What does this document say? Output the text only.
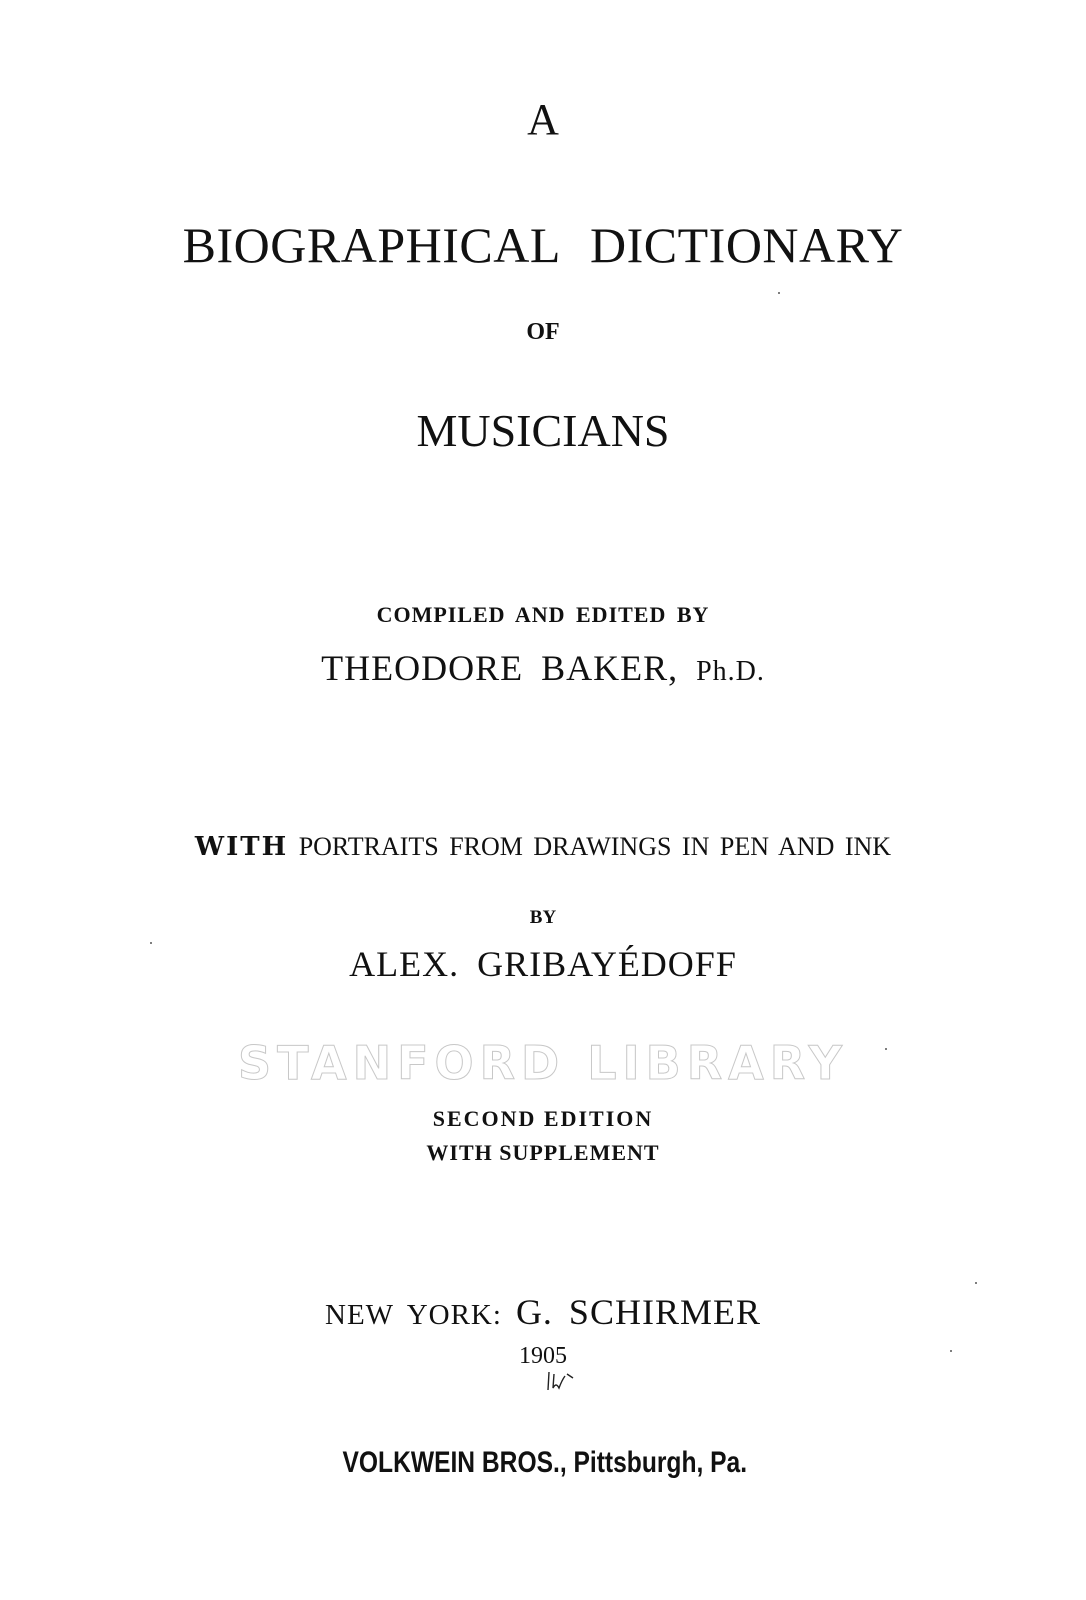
A
BIOGRAPHICAL DICTIONARY
OF
MUSICIANS
COMPILED AND EDITED BY
THEODORE BAKER, Ph.D.
WITH PORTRAITS FROM DRAWINGS IN PEN AND INK
BY
ALEX. GRIBAYÉDOFF
STANFORD LIBRARY
SECOND EDITION
WITH SUPPLEMENT
NEW YORK: G. SCHIRMER
1905
VOLKWEIN BROS., Pittsburgh, Pa.
